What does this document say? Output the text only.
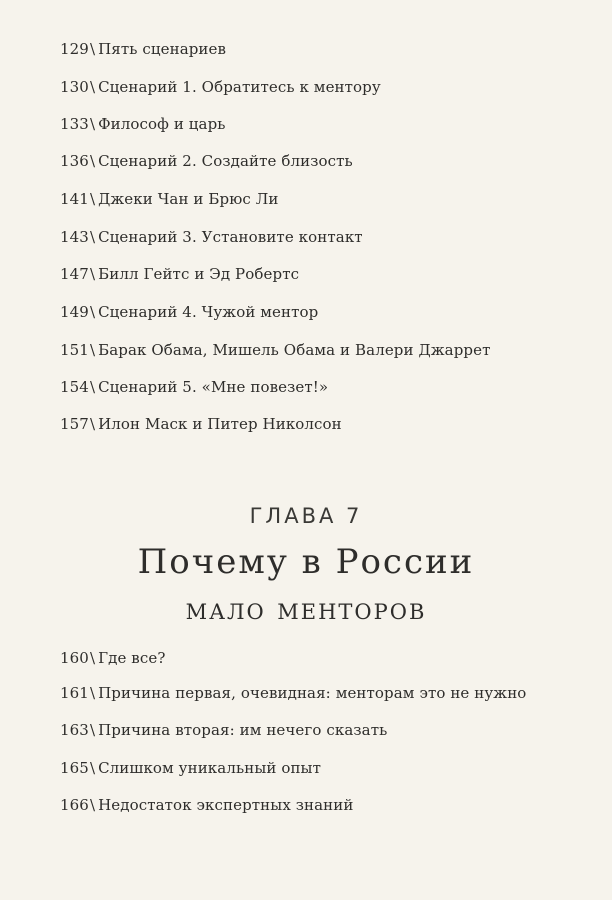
129\ Пять сценариев
130\ Сценарий 1. Обратитесь к ментору
133\ Философ и царь
136\ Сценарий 2. Создайте близость
141\ Джеки Чан и Брюс Ли
143\ Сценарий 3. Установите контакт
147\ Билл Гейтс и Эд Робертс
149\ Сценарий 4. Чужой ментор
151\ Барак Обама, Мишель Обама и Валери Джаррет
154\ Сценарий 5. «Мне повезет!»
157\ Илон Маск и Питер Николсон
ГЛАВА 7
Почему в России
мало менторов
160\ Где все?
161\ Причина первая, очевидная: менторам это не нужно
163\ Причина вторая: им нечего сказать
165\ Слишком уникальный опыт
166\ Недостаток экспертных знаний
